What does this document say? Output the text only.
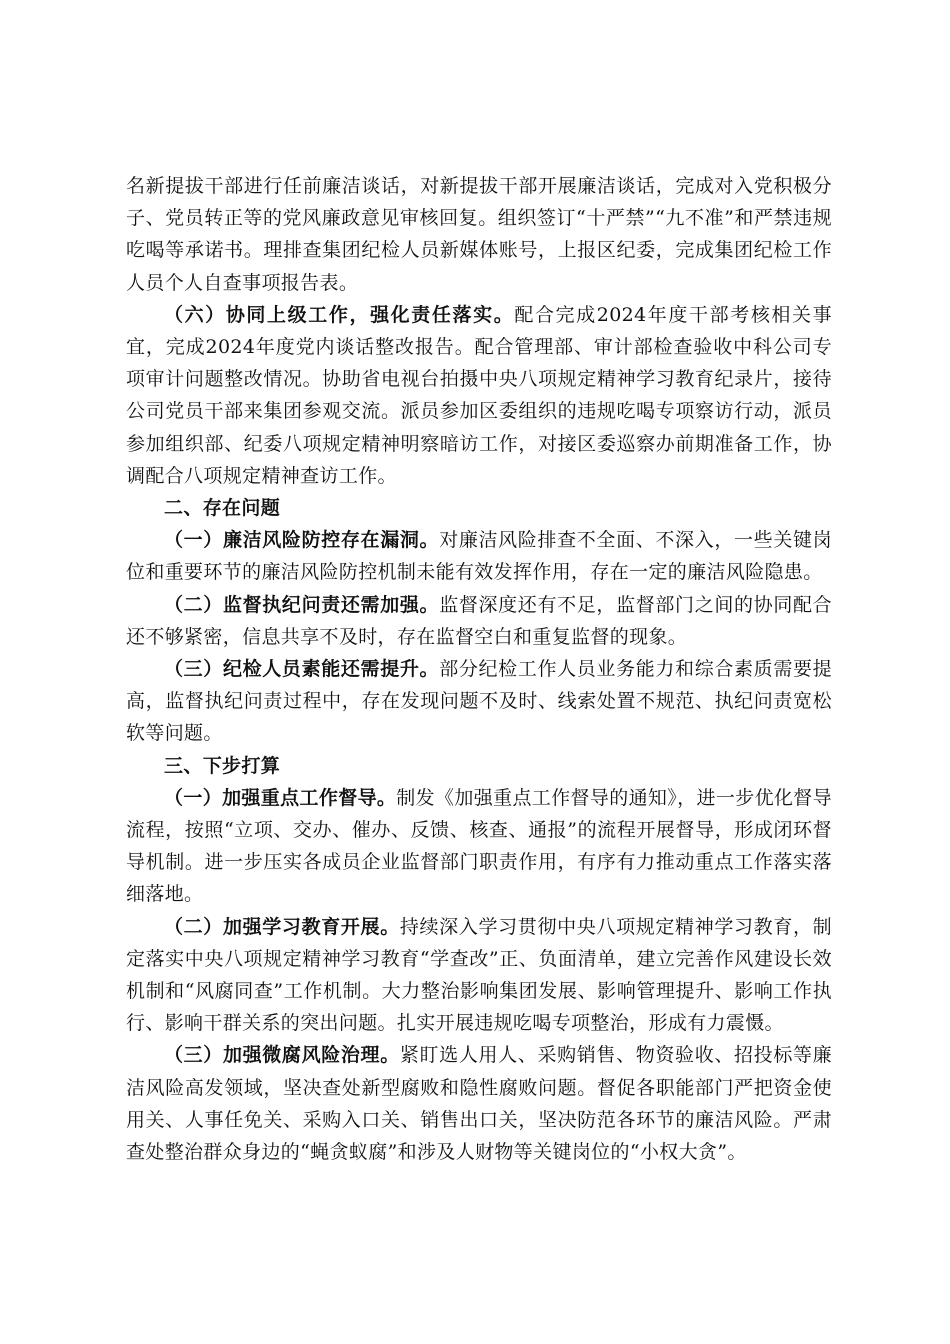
名新提拔干部进行任前廉洁谈话，对新提拔干部开展廉洁谈话，完成对入党积极分子、党员转正等的党风廉政意见审核回复。组织签订“十严禁”“九不准”和严禁违规吃喝等承诺书。理排查集团纪检人员新媒体账号，上报区纪委，完成集团纪检工作人员个人自查事项报告表。

（六）协同上级工作，强化责任落实。配合完成2024年度干部考核相关事宜，完成2024年度党内谈话整改报告。配合管理部、审计部检查验收中科公司专项审计问题整改情况。协助省电视台拍摄中央八项规定精神学习教育纪录片，接待公司党员干部来集团参观交流。派员参加区委组织的违规吃喝专项察访行动，派员参加组织部、纪委八项规定精神明察暗访工作，对接区委巡察办前期准备工作，协调配合八项规定精神查访工作。

二、存在问题

（一）廉洁风险防控存在漏洞。对廉洁风险排查不全面、不深入，一些关键岗位和重要环节的廉洁风险防控机制未能有效发挥作用，存在一定的廉洁风险隐患。

（二）监督执纪问责还需加强。监督深度还有不足，监督部门之间的协同配合还不够紧密，信息共享不及时，存在监督空白和重复监督的现象。

（三）纪检人员素能还需提升。部分纪检工作人员业务能力和综合素质需要提高，监督执纪问责过程中，存在发现问题不及时、线索处置不规范、执纪问责宽松软等问题。

三、下步打算

（一）加强重点工作督导。制发《加强重点工作督导的通知》，进一步优化督导流程，按照“立项、交办、催办、反馈、核查、通报”的流程开展督导，形成闭环督导机制。进一步压实各成员企业监督部门职责作用，有序有力推动重点工作落实落细落地。

（二）加强学习教育开展。持续深入学习贯彻中央八项规定精神学习教育，制定落实中央八项规定精神学习教育“学查改”正、负面清单，建立完善作风建设长效机制和“风腐同查”工作机制。大力整治影响集团发展、影响管理提升、影响工作执行、影响干群关系的突出问题。扎实开展违规吃喝专项整治，形成有力震慑。

（三）加强微腐风险治理。紧盯选人用人、采购销售、物资验收、招投标等廉洁风险高发领域，坚决查处新型腐败和隐性腐败问题。督促各职能部门严把资金使用关、人事任免关、采购入口关、销售出口关，坚决防范各环节的廉洁风险。严肃查处整治群众身边的“蝇贪蚁腐”和涉及人财物等关键岗位的“小权大贪”。
